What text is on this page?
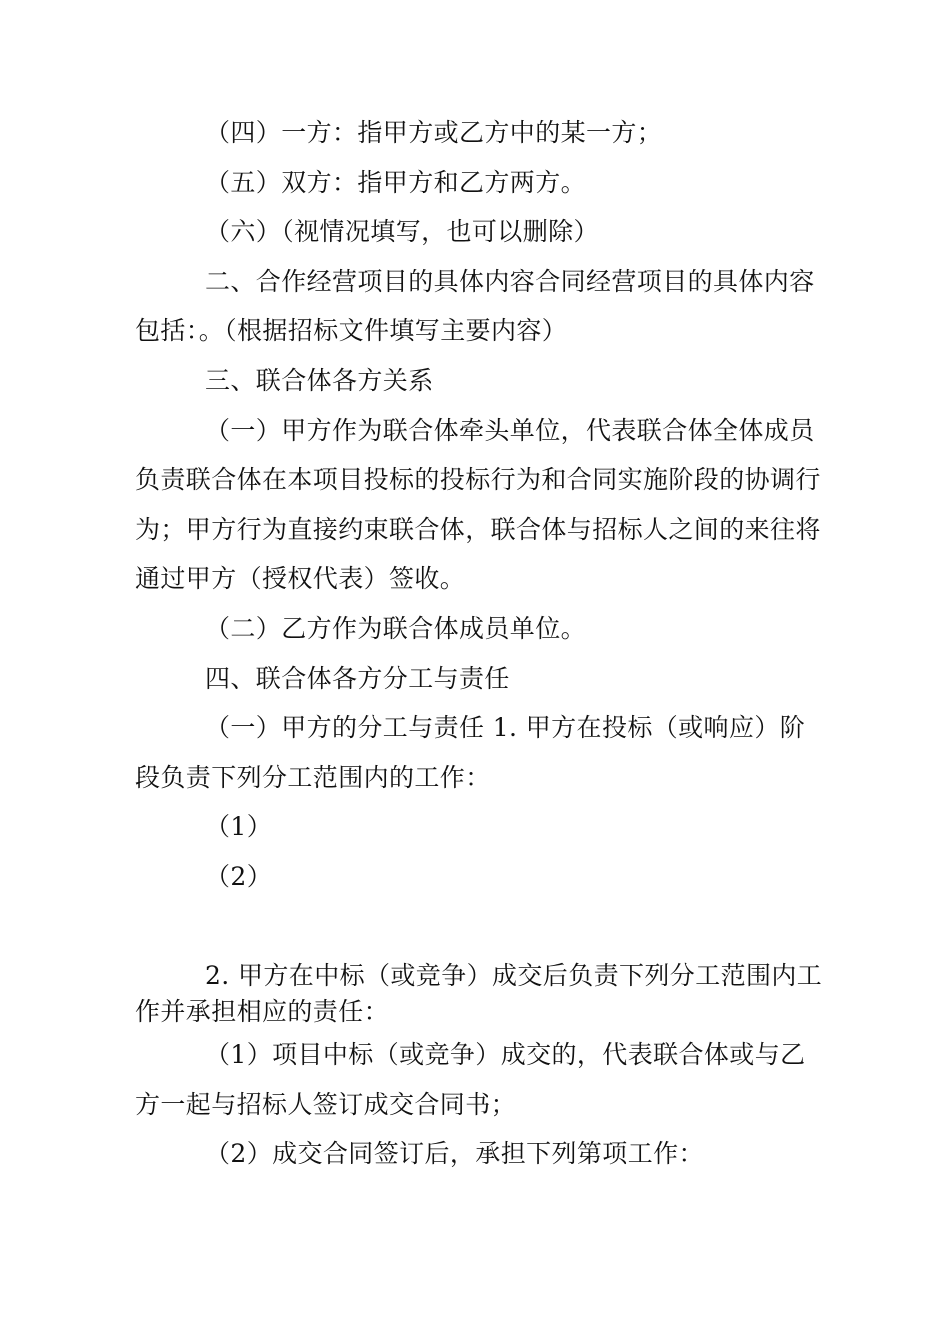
（四）一方：指甲方或乙方中的某一方；

（五）双方：指甲方和乙方两方。

（六）（视情况填写，也可以删除）

二、合作经营项目的具体内容合同经营项目的具体内容包括：。（根据招标文件填写主要内容）

三、联合体各方关系

（一）甲方作为联合体牵头单位，代表联合体全体成员负责联合体在本项目投标的投标行为和合同实施阶段的协调行为；甲方行为直接约束联合体，联合体与招标人之间的来往将通过甲方（授权代表）签收。

（二）乙方作为联合体成员单位。

四、联合体各方分工与责任

（一）甲方的分工与责任 1. 甲方在投标（或响应）阶段负责下列分工范围内的工作：

（1）

（2）

2. 甲方在中标（或竞争）成交后负责下列分工范围内工作并承担相应的责任：

（1）项目中标（或竞争）成交的，代表联合体或与乙方一起与招标人签订成交合同书；

（2）成交合同签订后，承担下列第项工作：
